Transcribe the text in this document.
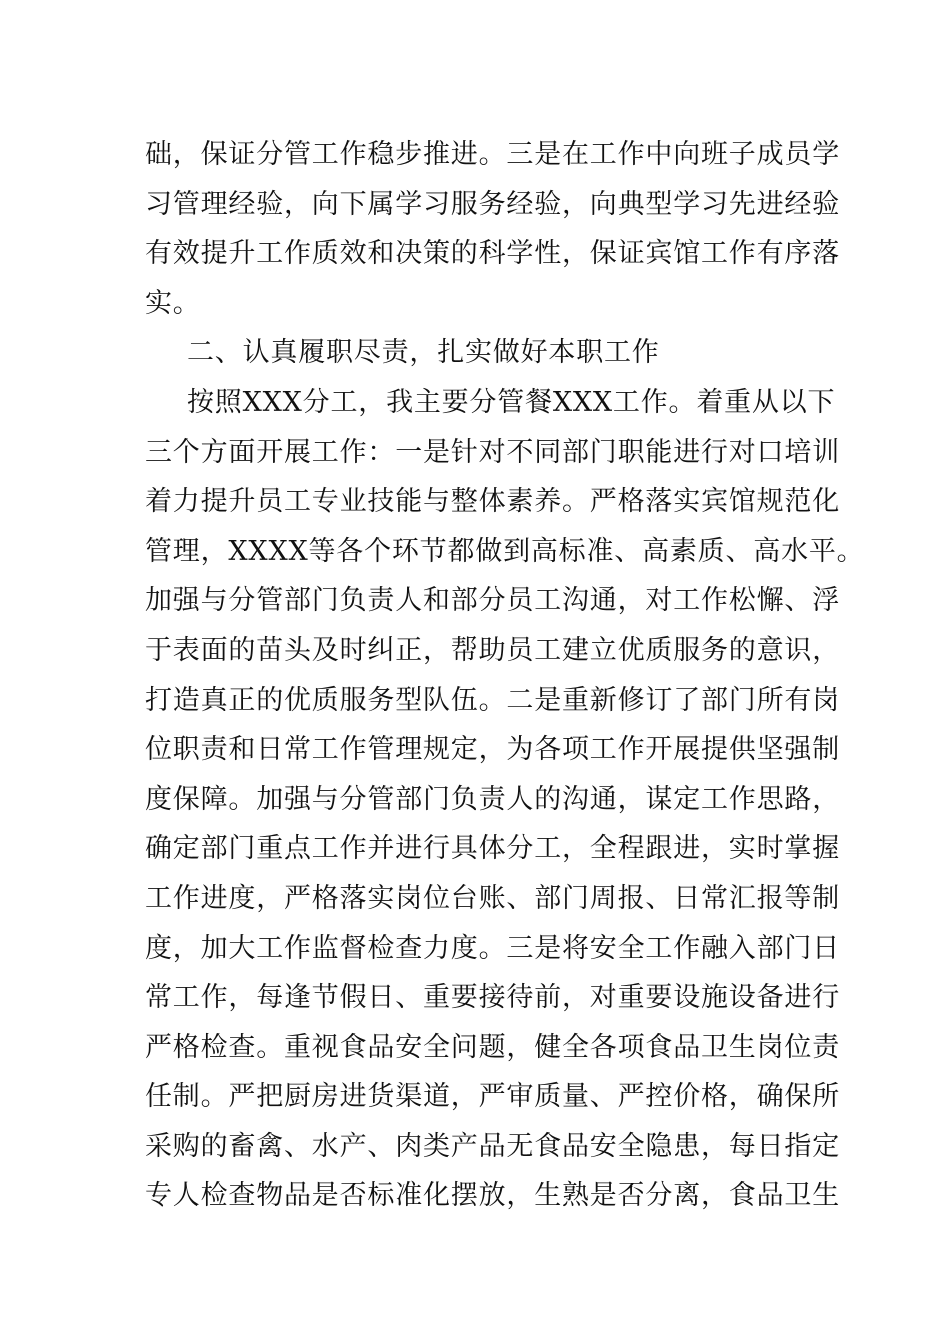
础，保证分管工作稳步推进。三是在工作中向班子成员学
习管理经验，向下属学习服务经验，向典型学习先进经验
有效提升工作质效和决策的科学性，保证宾馆工作有序落
实。
二、认真履职尽责，扎实做好本职工作
按照XXX分工，我主要分管餐XXX工作。着重从以下
三个方面开展工作：一是针对不同部门职能进行对口培训
着力提升员工专业技能与整体素养。严格落实宾馆规范化
管理，XXXX等各个环节都做到高标准、高素质、高水平。
加强与分管部门负责人和部分员工沟通，对工作松懈、浮
于表面的苗头及时纠正，帮助员工建立优质服务的意识，
打造真正的优质服务型队伍。二是重新修订了部门所有岗
位职责和日常工作管理规定，为各项工作开展提供坚强制
度保障。加强与分管部门负责人的沟通，谋定工作思路，
确定部门重点工作并进行具体分工，全程跟进，实时掌握
工作进度，严格落实岗位台账、部门周报、日常汇报等制
度，加大工作监督检查力度。三是将安全工作融入部门日
常工作，每逢节假日、重要接待前，对重要设施设备进行
严格检查。重视食品安全问题，健全各项食品卫生岗位责
任制。严把厨房进货渠道，严审质量、严控价格，确保所
采购的畜禽、水产、肉类产品无食品安全隐患，每日指定
专人检查物品是否标准化摆放，生熟是否分离，食品卫生
